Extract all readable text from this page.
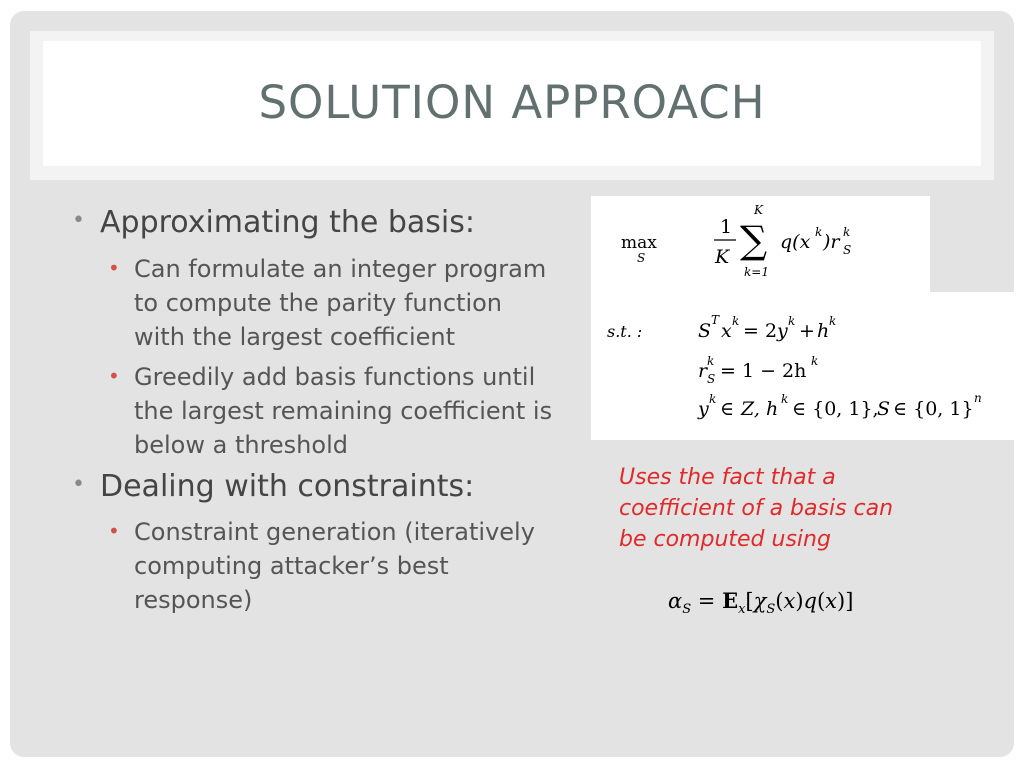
SOLUTION APPROACH
• Approximating the basis:
• Can formulate an integer program
to compute the parity function
with the largest coefficient
• Greedily add basis functions until
the largest remaining coefficient is
below a threshold
• Dealing with constraints:
• Constraint generation (iteratively
computing attacker’s best
response)
max
S
1
K
K
∑
k=1
q(x k )r k
S
s.t. :	S T x k = 2 y k + h k
r k
S = 1 − 2h k
y k ∈ Z, h k ∈ {0, 1},
S ∈ {0, 1} n
Uses the fact that a
coefficient of a basis can
be computed using
$\alpha_S = E_x[\chi_S(x)q(x)]$
